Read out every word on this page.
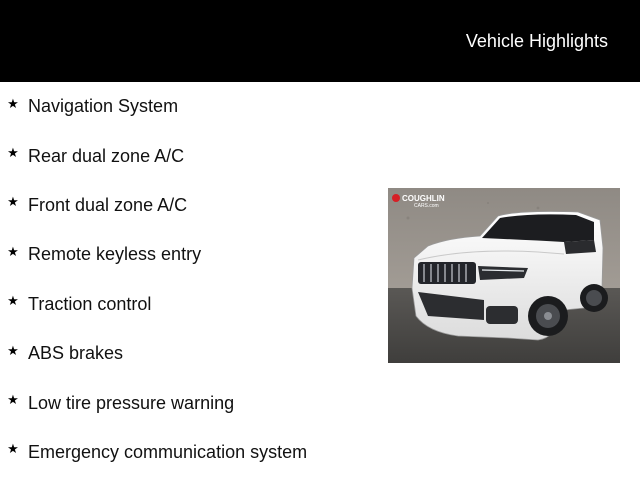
Vehicle Highlights
★ Navigation System
★ Rear dual zone A/C
★ Front dual zone A/C
★ Remote keyless entry
★ Traction control
★ ABS brakes
★ Low tire pressure warning
★ Emergency communication system
COUGHLIN
CARS.com
